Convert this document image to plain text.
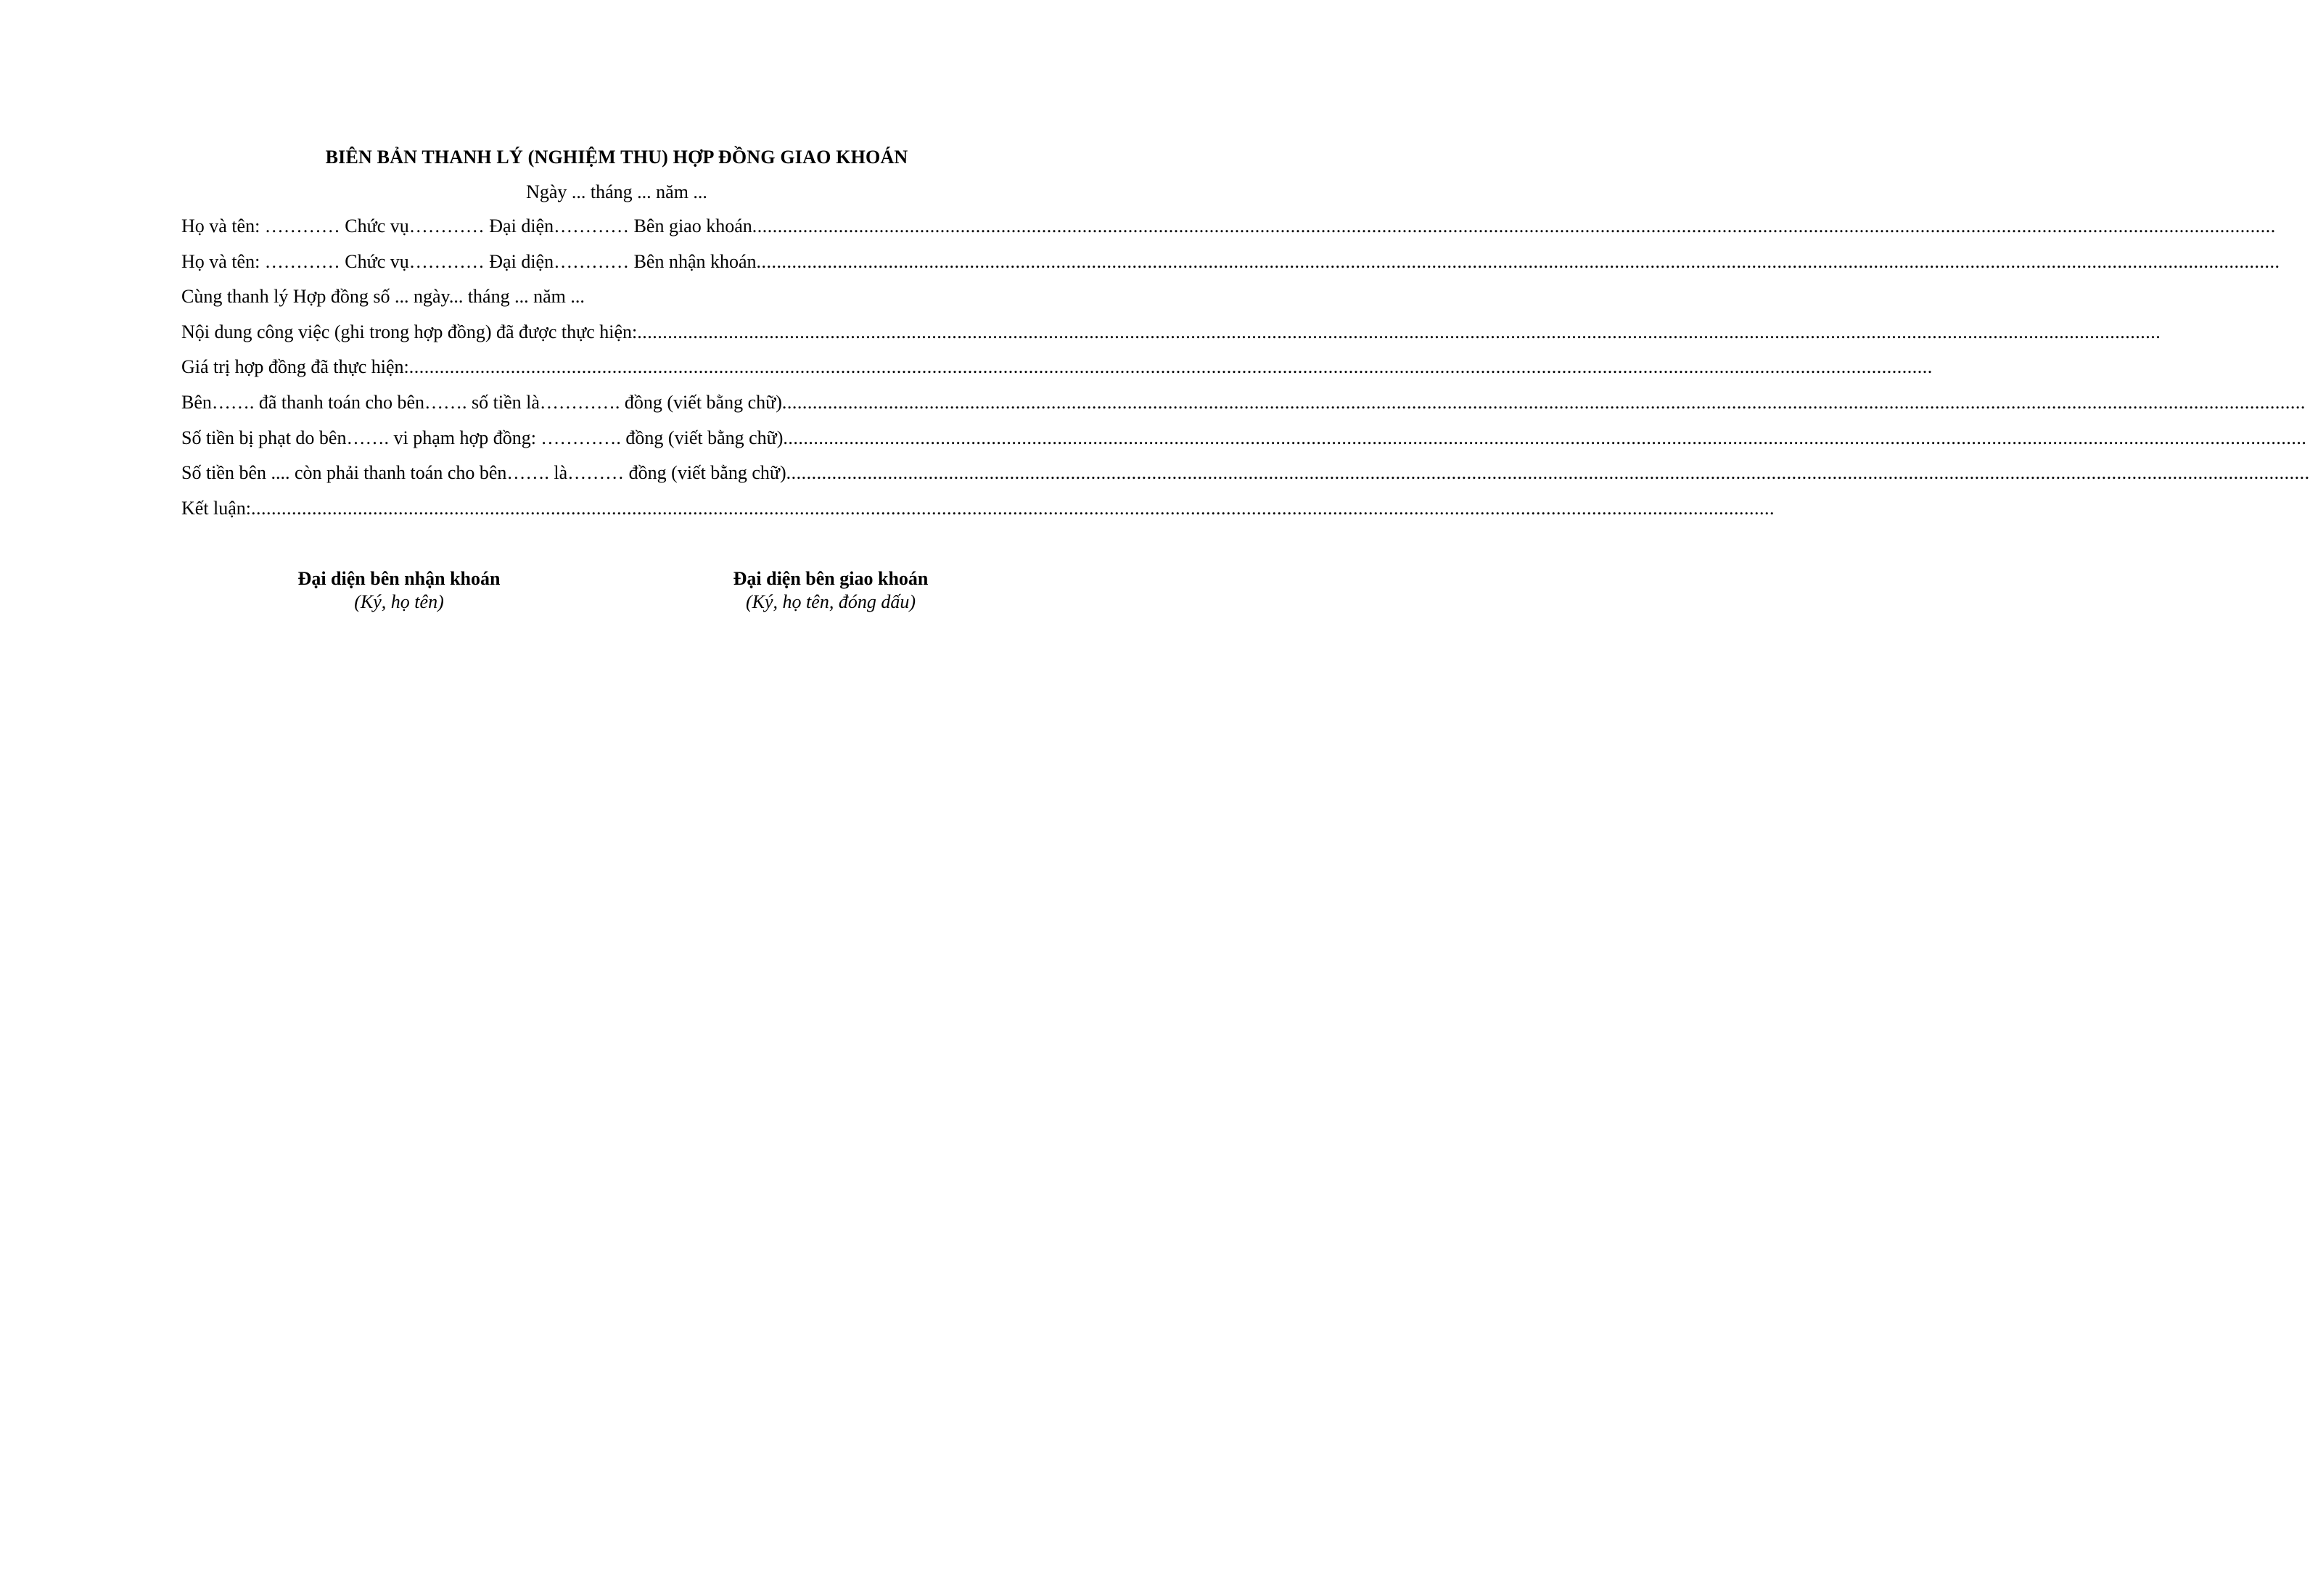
BIÊN BẢN THANH LÝ (NGHIỆM THU) HỢP ĐỒNG GIAO KHOÁN
Ngày ... tháng ... năm ...
Họ và tên: ………… Chức vụ………… Đại diện………… Bên giao khoán ............................................................................................................................................................................................................................................................................................................
Họ và tên: ………… Chức vụ………… Đại diện………… Bên nhận khoán ............................................................................................................................................................................................................................................................................................................
Cùng thanh lý Hợp đồng số ... ngày... tháng ... năm ...
Nội dung công việc (ghi trong hợp đồng) đã được thực hiện: ............................................................................................................................................................................................................................................................................................................
Giá trị hợp đồng đã thực hiện: ............................................................................................................................................................................................................................................................................................................
Bên……. đã thanh toán cho bên……. số tiền là…………. đồng (viết bằng chữ) ............................................................................................................................................................................................................................................................................................................
Số tiền bị phạt do bên……. vi phạm hợp đồng: …………. đồng (viết bằng chữ) ............................................................................................................................................................................................................................................................................................................
Số tiền bên .... còn phải thanh toán cho bên……. là……… đồng (viết bằng chữ) ............................................................................................................................................................................................................................................................................................................
Kết luận: ............................................................................................................................................................................................................................................................................................................
Đại diện bên nhận khoán
(Ký, họ tên)
Đại diện bên giao khoán
(Ký, họ tên, đóng dấu)
